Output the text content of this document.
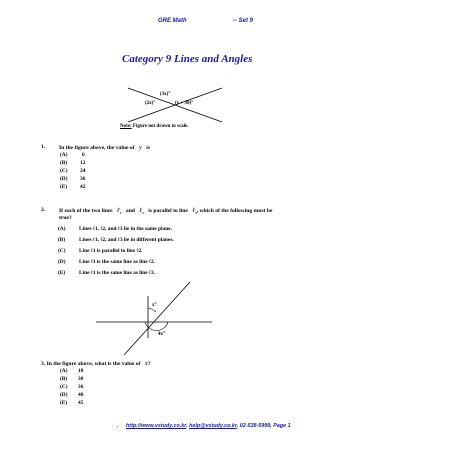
GRE Math	-- Set 9
Category 9 Lines and Angles
(3x)°
(2x)°	(y + 30)°
Note: Figure not drawn to scale.
1. In the figure above, the value of y is
(A)	6
(B) 12
(C) 24
(D) 36
(E) 42
2. If each of the two lines ℓ$_1$ and ℓ$_2$ is parallel to line ℓ$_3$, which of the following must be
true?
(A)	Lines ℓ1, ℓ2, and ℓ3 lie in the same plane.
(B)	Lines ℓ1, ℓ2, and ℓ3 lie in different planes.
(C)	Line ℓ1 is parallel to line ℓ2.
(D)	Line ℓ1 is the same line as line ℓ2.
(E)	Line ℓ1 is the same line as line ℓ3.
x°
4x°
3. In the figure above, what is the value of x?
(A) 18
(B) 30
(C) 36
(D) 40
(E) 45
. http://www.vstudy.co.kr, help@vstudy.co.kr, 02-538-5999, Page 1
